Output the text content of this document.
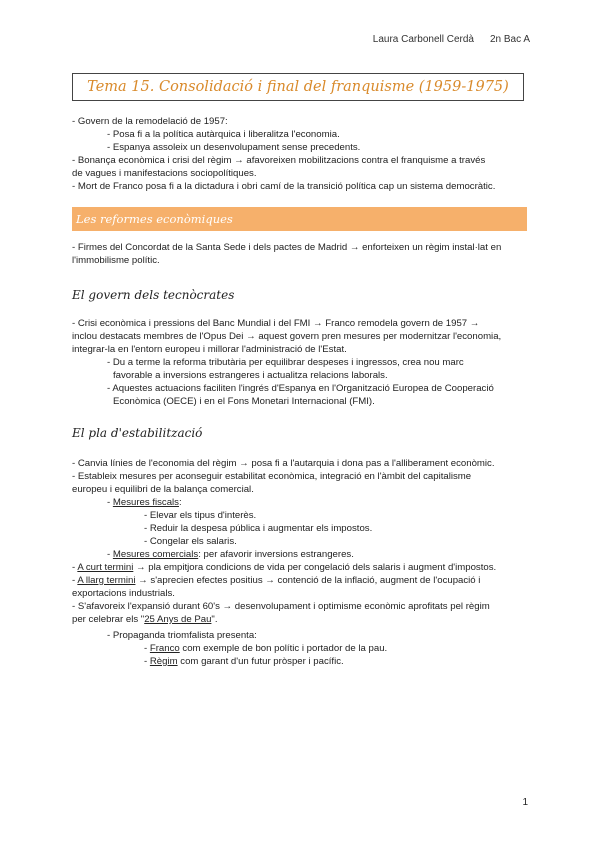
Laura Carbonell Cerdà 2n Bac A
Tema 15. Consolidació i final del franquisme (1959-1975)
- Govern de la remodelació de 1957:
- Posa fi a la política autàrquica i liberalitza l'economia.
- Espanya assoleix un desenvolupament sense precedents.
- Bonança econòmica i crisi del règim → afavoreixen mobilitzacions contra el franquisme a través
de vagues i manifestacions sociopolítiques.
- Mort de Franco posa fi a la dictadura i obri camí de la transició política cap un sistema democràtic.
Les reformes econòmiques
- Firmes del Concordat de la Santa Sede i dels pactes de Madrid → enforteixen un règim instal·lat en
l'immobilisme polític.
El govern dels tecnòcrates
- Crisi econòmica i pressions del Banc Mundial i del FMI → Franco remodela govern de 1957 →
inclou destacats membres de l'Opus Dei → aquest govern pren mesures per modernitzar l'economia,
integrar-la en l'entorn europeu i millorar l'administració de l'Estat.
- Du a terme la reforma tributària per equilibrar despeses i ingressos, crea nou marc
favorable a inversions estrangeres i actualitza relacions laborals.
- Aquestes actuacions faciliten l'ingrés d'Espanya en l'Organització Europea de Cooperació
Econòmica (OECE) i en el Fons Monetari Internacional (FMI).
El pla d'estabilització
- Canvia línies de l'economia del règim → posa fi a l'autarquia i dona pas a l'alliberament econòmic.
- Estableix mesures per aconseguir estabilitat econòmica, integració en l'àmbit del capitalisme
europeu i equilibri de la balança comercial.
- Mesures fiscals:
- Elevar els tipus d'interès.
- Reduir la despesa pública i augmentar els impostos.
- Congelar els salaris.
- Mesures comercials: per afavorir inversions estrangeres.
- A curt termini → pla empitjora condicions de vida per congelació dels salaris i augment d'impostos.
- A llarg termini → s'aprecien efectes positius → contenció de la inflació, augment de l'ocupació i
exportacions industrials.
- S'afavoreix l'expansió durant 60's → desenvolupament i optimisme econòmic aprofitats pel règim
per celebrar els "25 Anys de Pau".
- Propaganda triomfalista presenta:
- Franco com exemple de bon polític i portador de la pau.
- Règim com garant d'un futur pròsper i pacífic.
1
